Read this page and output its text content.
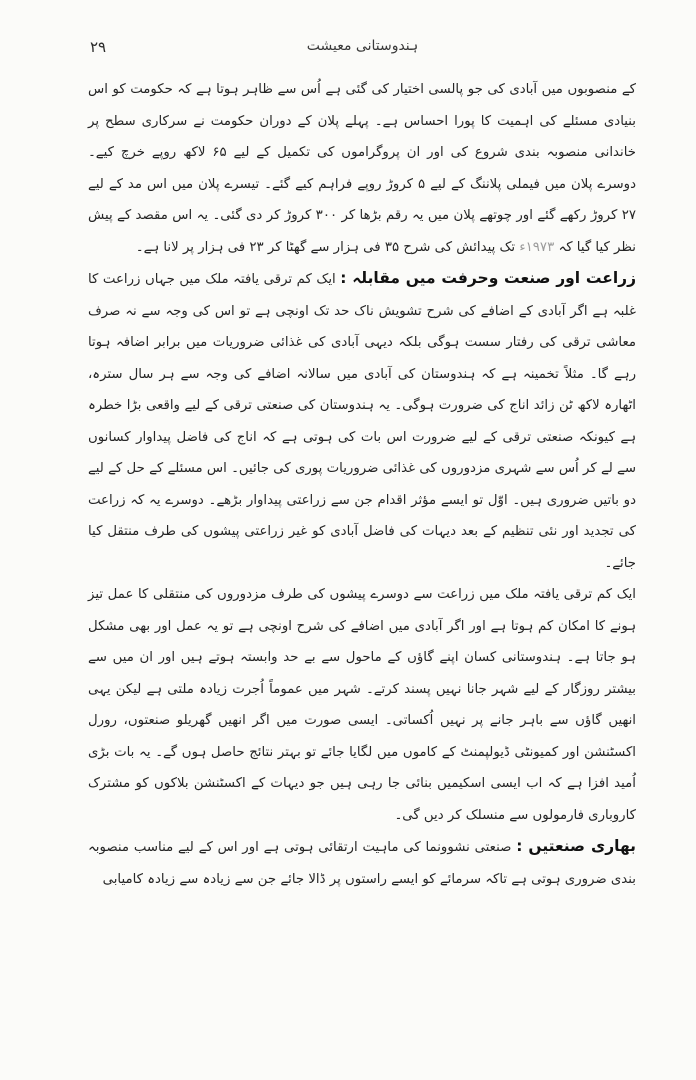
۲۹	ہندوستانی معیشت

کے منصوبوں میں آبادی کی جو پالسی اختیار کی گئی ہے اُس سے ظاہر ہوتا ہے کہ حکومت کو اس بنیادی مسئلے کی اہمیت کا پورا احساس ہے۔ پہلے پلان کے دوران حکومت نے سرکاری سطح پر خاندانی منصوبہ بندی شروع کی اور ان پروگراموں کی تکمیل کے لیے ۶۵ لاکھ روپے خرچ کیے۔ دوسرے پلان میں فیملی پلاننگ کے لیے ۵ کروڑ روپے فراہم کیے گئے۔ تیسرے پلان میں اس مد کے لیے ۲۷ کروڑ رکھے گئے اور چوتھے پلان میں یہ رقم بڑھا کر ۳۰۰ کروڑ کر دی گئی۔ یہ اس مقصد کے پیش نظر کیا گیا کہ ۱۹۷۳ء تک پیدائش کی شرح ۳۵ فی ہزار سے گھٹا کر ۲۳ فی ہزار پر لانا ہے۔

زراعت اور صنعت وحرفت میں مقابلہ : ایک کم ترقی یافتہ ملک میں جہاں زراعت کا غلبہ ہے اگر آبادی کے اضافے کی شرح تشویش ناک حد تک اونچی ہے تو اس کی وجہ سے نہ صرف معاشی ترقی کی رفتار سست ہوگی بلکہ دیہی آبادی کی غذائی ضروریات میں برابر اضافہ ہوتا رہے گا۔ مثلاً تخمینہ ہے کہ ہندوستان کی آبادی میں سالانہ اضافے کی وجہ سے ہر سال سترہ، اٹھارہ لاکھ ٹن زائد اناج کی ضرورت ہوگی۔ یہ ہندوستان کی صنعتی ترقی کے لیے واقعی بڑا خطرہ ہے کیونکہ صنعتی ترقی کے لیے ضرورت اس بات کی ہوتی ہے کہ اناج کی فاضل پیداوار کسانوں سے لے کر اُس سے شہری مزدوروں کی غذائی ضروریات پوری کی جائیں۔ اس مسئلے کے حل کے لیے دو باتیں ضروری ہیں۔ اوّل تو ایسے مؤثر اقدام جن سے زراعتی پیداوار بڑھے۔ دوسرے یہ کہ زراعت کی تجدید اور نئی تنظیم کے بعد دیہات کی فاضل آبادی کو غیر زراعتی پیشوں کی طرف منتقل کیا جائے۔

ایک کم ترقی یافتہ ملک میں زراعت سے دوسرے پیشوں کی طرف مزدوروں کی منتقلی کا عمل تیز ہونے کا امکان کم ہوتا ہے اور اگر آبادی میں اضافے کی شرح اونچی ہے تو یہ عمل اور بھی مشکل ہو جاتا ہے۔ ہندوستانی کسان اپنے گاؤں کے ماحول سے بے حد وابستہ ہوتے ہیں اور ان میں سے بیشتر روزگار کے لیے شہر جانا نہیں پسند کرتے۔ شہر میں عموماً اُجرت زیادہ ملتی ہے لیکن یہی انھیں گاؤں سے باہر جانے پر نہیں اُکساتی۔ ایسی صورت میں اگر انھیں گھریلو صنعتوں، رورل اکسٹنشن اور کمیونٹی ڈیولپمنٹ کے کاموں میں لگایا جائے تو بہتر نتائج حاصل ہوں گے۔ یہ بات بڑی اُمید افزا ہے کہ اب ایسی اسکیمیں بنائی جا رہی ہیں جو دیہات کے اکسٹنشن بلاکوں کو مشترک کاروباری فارمولوں سے منسلک کر دیں گی۔

بھاری صنعتیں : صنعتی نشوونما کی ماہیت ارتقائی ہوتی ہے اور اس کے لیے مناسب منصوبہ بندی ضروری ہوتی ہے تاکہ سرمائے کو ایسے راستوں پر ڈالا جائے جن سے زیادہ سے زیادہ کامیابی
